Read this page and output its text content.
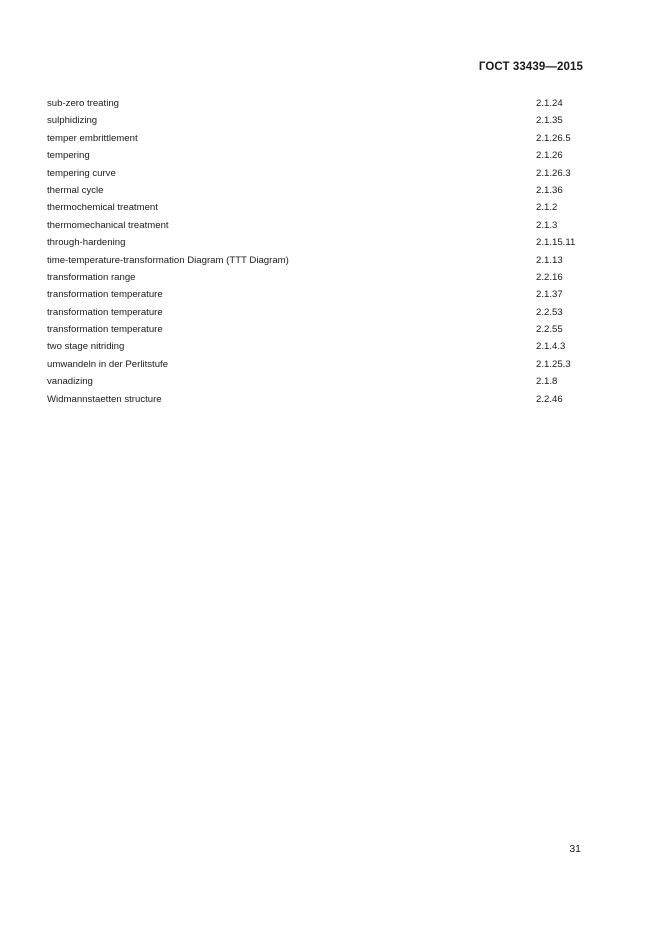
ГОСТ 33439—2015
sub-zero treating	2.1.24
sulphidizing	2.1.35
temper embrittlement	2.1.26.5
tempering	2.1.26
tempering curve	2.1.26.3
thermal cycle	2.1.36
thermochemical treatment	2.1.2
thermomechanical treatment	2.1.3
through-hardening	2.1.15.11
time-temperature-transformation Diagram (TTT Diagram)	2.1.13
transformation range	2.2.16
transformation temperature	2.1.37
transformation temperature	2.2.53
transformation temperature	2.2.55
two stage nitriding	2.1.4.3
umwandeln in der Perlitstufe	2.1.25.3
vanadizing	2.1.8
Widmannstaetten structure	2.2.46
31
